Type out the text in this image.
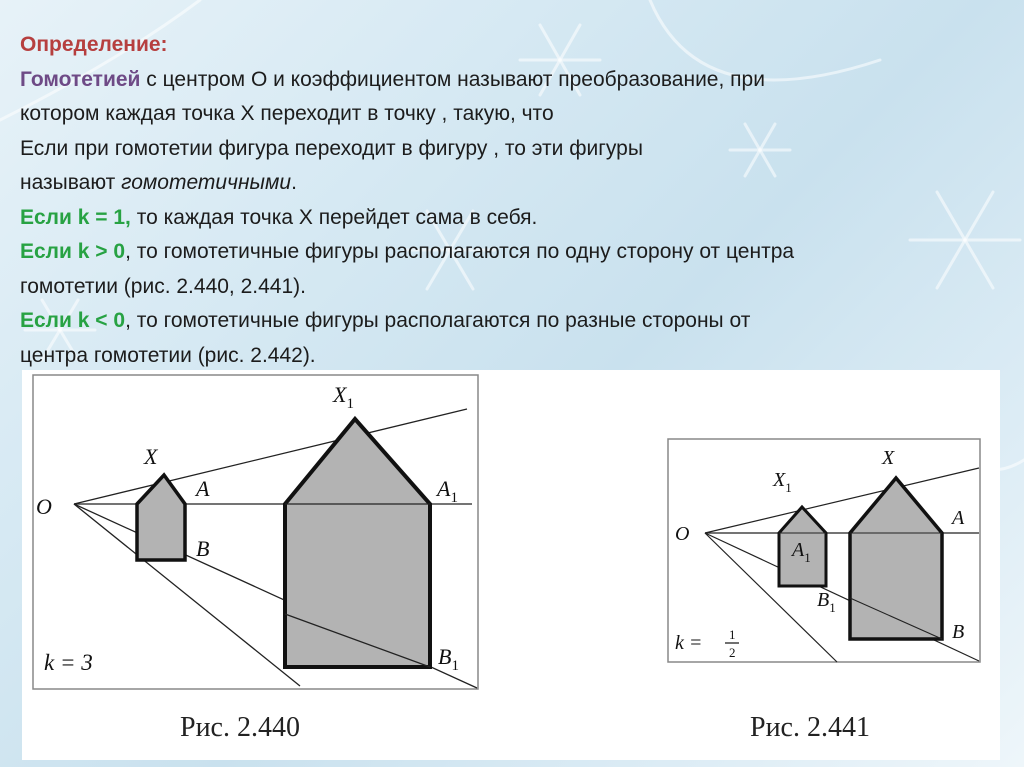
Определение:
Гомотетией с центром О и коэффициентом называют преобразование, при
котором каждая точка Х переходит в точку , такую, что
Если при гомотетии фигура переходит в фигуру , то эти фигуры
называют гомотетичными.
Если k = 1, то каждая точка Х перейдет сама в себя.
Если k > 0, то гомотетичные фигуры располагаются по одну сторону от центра
гомотетии (рис. 2.440, 2.441).
Если k < 0, то гомотетичные фигуры располагаются по разные стороны от
центра гомотетии (рис. 2.442).
O
X
A
B
$X_1$
$A_1$
$B_1$
k = 3
Рис. 2.440
O
$X_1$
$A_1$
$B_1$
X
A
B
k = 1
2
Рис. 2.441
